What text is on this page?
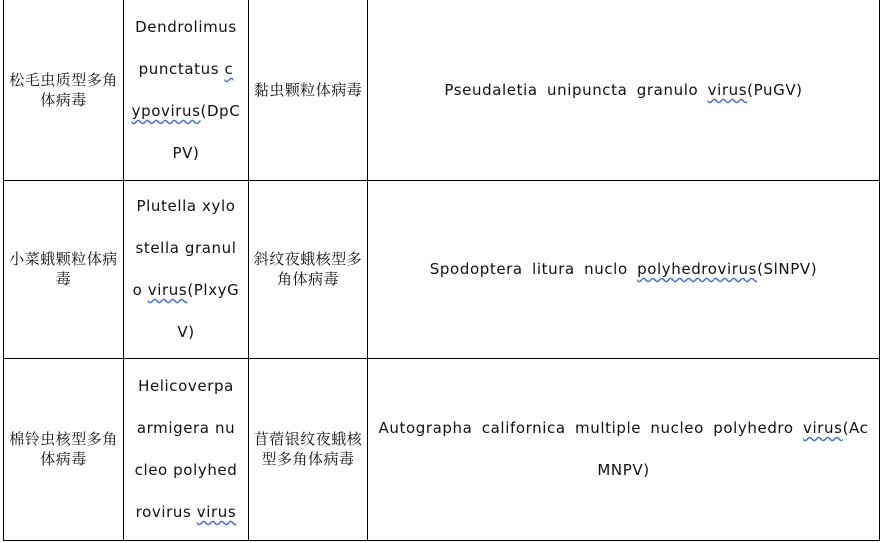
松毛虫质型多角体病毒	Dendrolimus
punctatus c
ypovirus(DpC
PV)	黏虫颗粒体病毒	Pseudaletia unipuncta granulo virus(PuGV)

小菜蛾颗粒体病毒	Plutella xylo
stella granul
o virus(PlxyG
V)	斜纹夜蛾核型多角体病毒	Spodoptera litura nuclo polyhedrovirus(SlNPV)

棉铃虫核型多角体病毒	Helicoverpa
armigera nu
cleo polyhed
rovirus virus	苜蓿银纹夜蛾核型多角体病毒	Autographa californica multiple nucleo polyhedro virus(Ac
MNPV)
